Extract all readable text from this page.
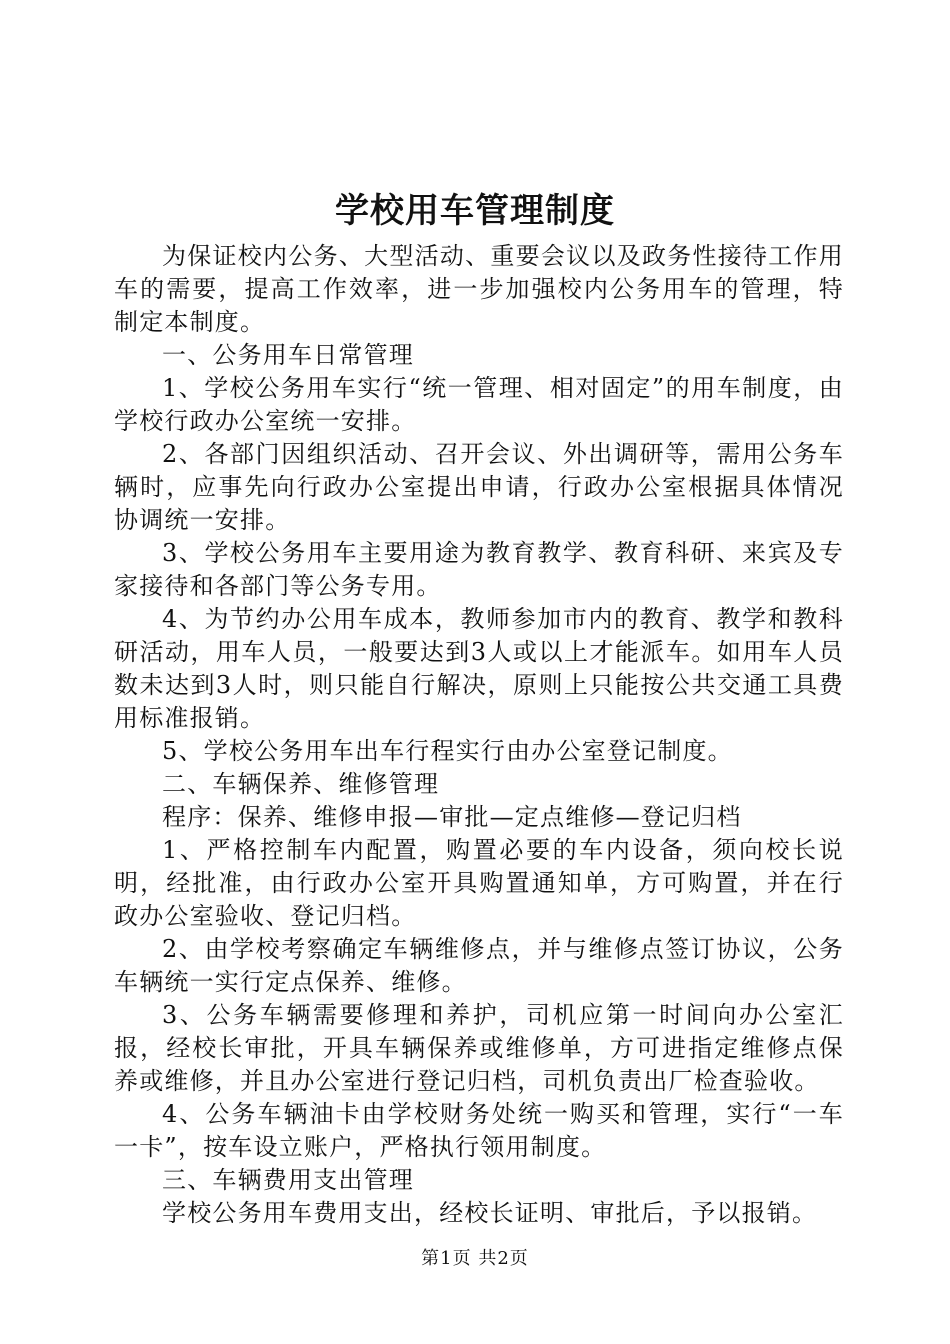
学校用车管理制度

为保证校内公务、大型活动、重要会议以及政务性接待工作用车的需要，提高工作效率，进一步加强校内公务用车的管理，特制定本制度。

一、公务用车日常管理

1、学校公务用车实行“统一管理、相对固定”的用车制度，由学校行政办公室统一安排。

2、各部门因组织活动、召开会议、外出调研等，需用公务车辆时，应事先向行政办公室提出申请，行政办公室根据具体情况协调统一安排。

3、学校公务用车主要用途为教育教学、教育科研、来宾及专家接待和各部门等公务专用。

4、为节约办公用车成本，教师参加市内的教育、教学和教科研活动，用车人员，一般要达到3人或以上才能派车。如用车人员数未达到3人时，则只能自行解决，原则上只能按公共交通工具费用标准报销。

5、学校公务用车出车行程实行由办公室登记制度。

二、车辆保养、维修管理

程序：保养、维修申报—审批—定点维修—登记归档

1、严格控制车内配置，购置必要的车内设备，须向校长说明，经批准，由行政办公室开具购置通知单，方可购置，并在行政办公室验收、登记归档。

2、由学校考察确定车辆维修点，并与维修点签订协议，公务车辆统一实行定点保养、维修。

3、公务车辆需要修理和养护，司机应第一时间向办公室汇报，经校长审批，开具车辆保养或维修单，方可进指定维修点保养或维修，并且办公室进行登记归档，司机负责出厂检查验收。

4、公务车辆油卡由学校财务处统一购买和管理，实行“一车一卡”，按车设立账户，严格执行领用制度。

三、车辆费用支出管理

学校公务用车费用支出，经校长证明、审批后，予以报销。

第1页 共2页
